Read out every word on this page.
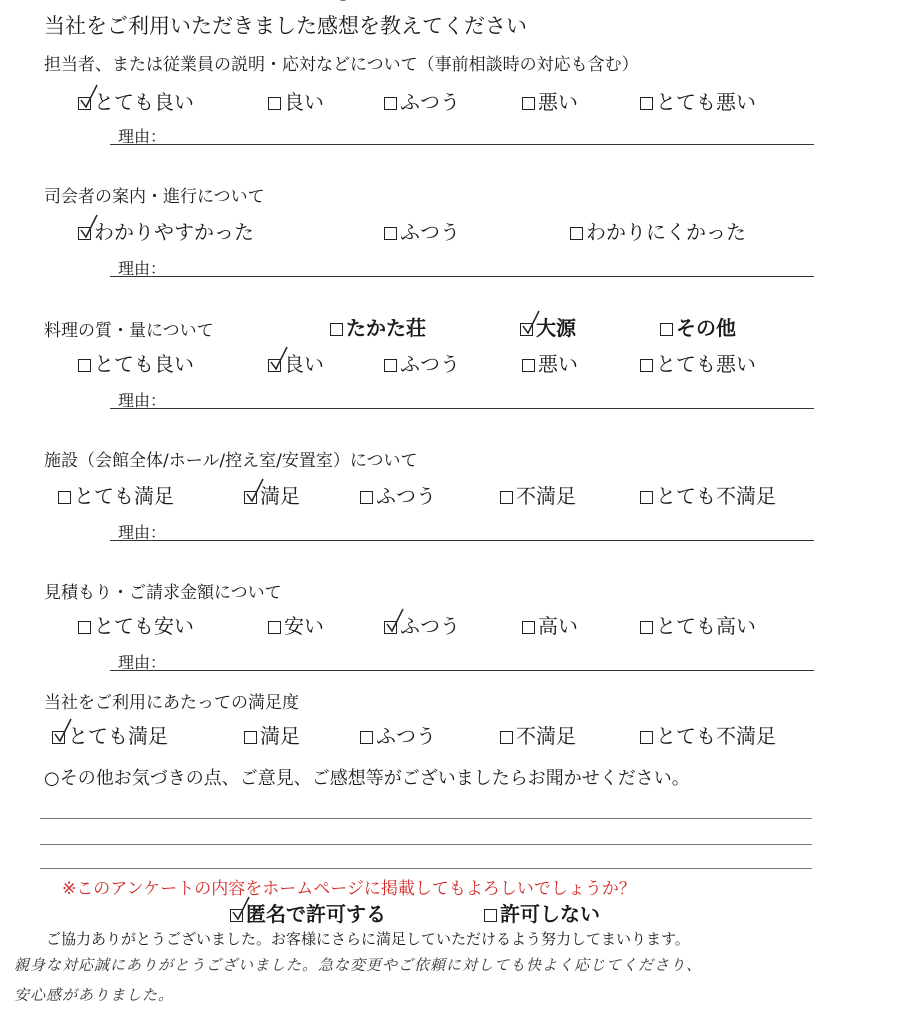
当社をご利用いただきました感想を教えてください
担当者、または従業員の説明・応対などについて（事前相談時の対応も含む）
とても良い	良い	ふつう	悪い	とても悪い
理由：
司会者の案内・進行について
わかりやすかった	ふつう	わかりにくかった
理由：
料理の質・量について	たかた荘	大源	その他
とても良い	良い	ふつう	悪い	とても悪い
理由：
施設（会館全体/ホール/控え室/安置室）について
とても満足	満足	ふつう	不満足	とても不満足
理由：
見積もり・ご請求金額について
とても安い	安い	ふつう	高い	とても高い
理由：
当社をご利用にあたっての満足度
とても満足	満足	ふつう	不満足	とても不満足
○その他お気づきの点、ご意見、ご感想等がございましたらお聞かせください。
※このアンケートの内容をホームページに掲載してもよろしいでしょうか？
匿名で許可する	許可しない
ご協力ありがとうございました。お客様にさらに満足していただけるよう努力してまいります。
親身な対応誠にありがとうございました。急な変更やご依頼に対しても快よく応じてくださり、
安心感がありました。
